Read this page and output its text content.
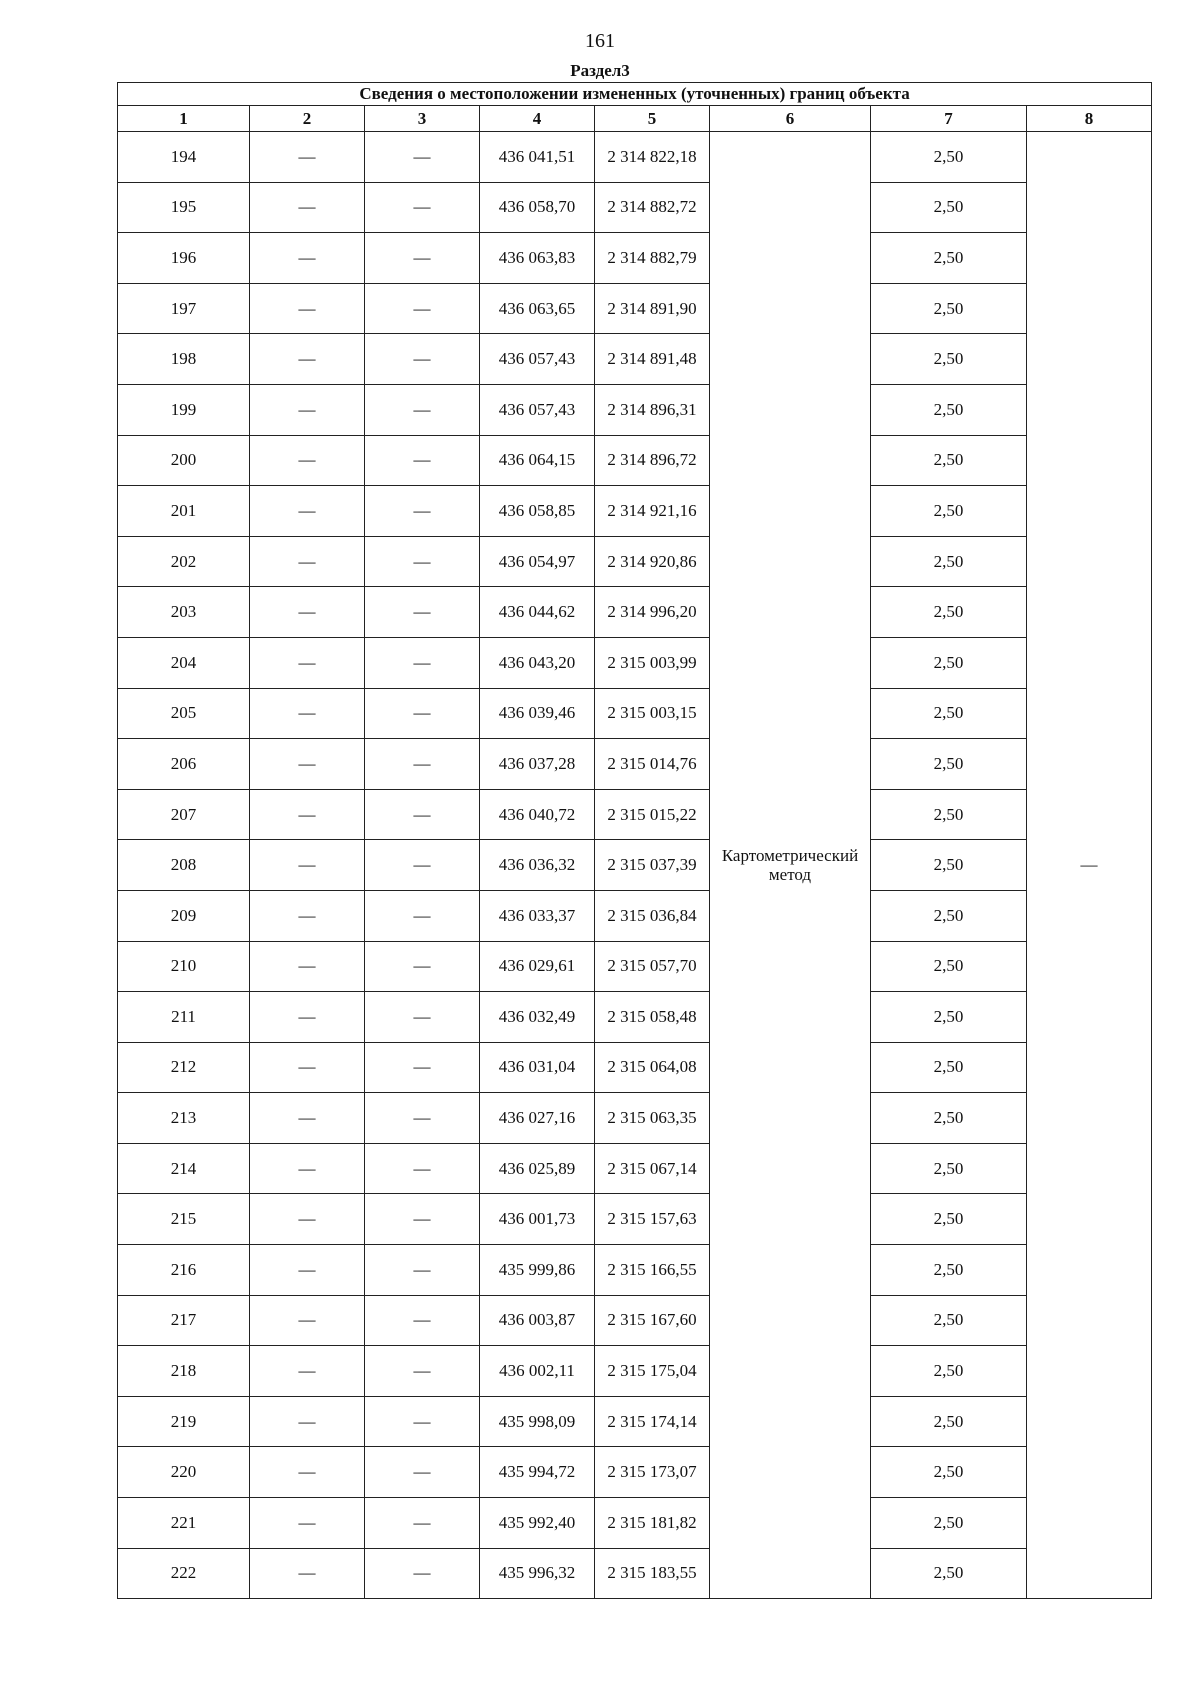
161
Раздел3
Сведения о местоположении измененных (уточненных) границ объекта							
1	2	3	4	5	6	7	8
194	—	—	436 041,51	2 314 822,18	Картометрический метод	2,50	—
195	—	—	436 058,70	2 314 882,72		2,50	
196	—	—	436 063,83	2 314 882,79		2,50	
197	—	—	436 063,65	2 314 891,90		2,50	
198	—	—	436 057,43	2 314 891,48		2,50	
199	—	—	436 057,43	2 314 896,31		2,50	
200	—	—	436 064,15	2 314 896,72		2,50	
201	—	—	436 058,85	2 314 921,16		2,50	
202	—	—	436 054,97	2 314 920,86		2,50	
203	—	—	436 044,62	2 314 996,20		2,50	
204	—	—	436 043,20	2 315 003,99		2,50	
205	—	—	436 039,46	2 315 003,15		2,50	
206	—	—	436 037,28	2 315 014,76		2,50	
207	—	—	436 040,72	2 315 015,22		2,50	
208	—	—	436 036,32	2 315 037,39		2,50	
209	—	—	436 033,37	2 315 036,84		2,50	
210	—	—	436 029,61	2 315 057,70		2,50	
211	—	—	436 032,49	2 315 058,48		2,50	
212	—	—	436 031,04	2 315 064,08		2,50	
213	—	—	436 027,16	2 315 063,35		2,50	
214	—	—	436 025,89	2 315 067,14		2,50	
215	—	—	436 001,73	2 315 157,63		2,50	
216	—	—	435 999,86	2 315 166,55		2,50	
217	—	—	436 003,87	2 315 167,60		2,50	
218	—	—	436 002,11	2 315 175,04		2,50	
219	—	—	435 998,09	2 315 174,14		2,50	
220	—	—	435 994,72	2 315 173,07		2,50	
221	—	—	435 992,40	2 315 181,82		2,50	
222	—	—	435 996,32	2 315 183,55		2,50	
